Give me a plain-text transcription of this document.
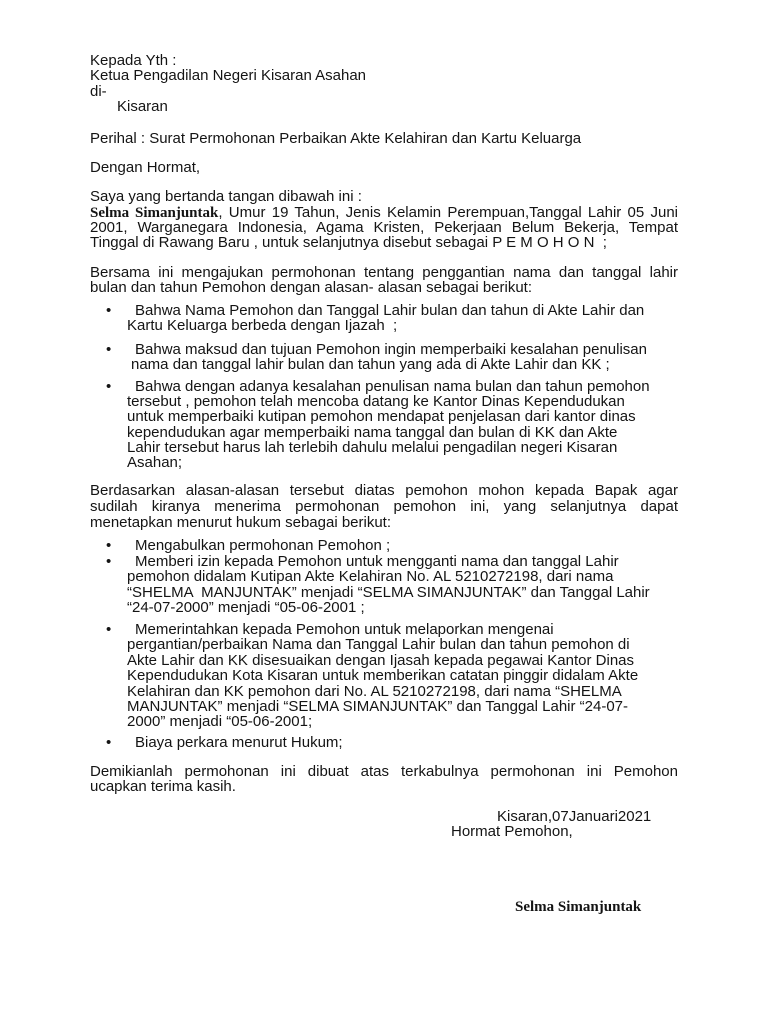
Kepada Yth :
Ketua Pengadilan Negeri Kisaran Asahan
di-
Kisaran
Perihal : Surat Permohonan Perbaikan Akte Kelahiran dan Kartu Keluarga
Dengan Hormat,
Saya yang bertanda tangan dibawah ini :
Selma Simanjuntak, Umur 19 Tahun, Jenis Kelamin Perempuan,Tanggal Lahir 05 Juni
2001, Warganegara Indonesia, Agama Kristen, Pekerjaan Belum Bekerja, Tempat
Tinggal di Rawang Baru , untuk selanjutnya disebut sebagai P E M O H O N  ;
Bersama ini mengajukan permohonan tentang penggantian nama dan tanggal lahir
bulan dan tahun Pemohon dengan alasan- alasan sebagai berikut:
•	Bahwa Nama Pemohon dan Tanggal Lahir bulan dan tahun di Akte Lahir dan
Kartu Keluarga berbeda dengan Ijazah  ;
•	Bahwa maksud dan tujuan Pemohon ingin memperbaiki kesalahan penulisan
nama dan tanggal lahir bulan dan tahun yang ada di Akte Lahir dan KK ;
•	Bahwa dengan adanya kesalahan penulisan nama bulan dan tahun pemohon
tersebut , pemohon telah mencoba datang ke Kantor Dinas Kependudukan
untuk memperbaiki kutipan pemohon mendapat penjelasan dari kantor dinas
kependudukan agar memperbaiki nama tanggal dan bulan di KK dan Akte
Lahir tersebut harus lah terlebih dahulu melalui pengadilan negeri Kisaran
Asahan;
Berdasarkan alasan-alasan tersebut diatas pemohon mohon kepada Bapak agar
sudilah kiranya menerima permohonan pemohon ini, yang selanjutnya dapat
menetapkan menurut hukum sebagai berikut:
•	Mengabulkan permohonan Pemohon ;
•	Memberi izin kepada Pemohon untuk mengganti nama dan tanggal Lahir
pemohon didalam Kutipan Akte Kelahiran No. AL 5210272198, dari nama
“SHELMA  MANJUNTAK” menjadi “SELMA SIMANJUNTAK” dan Tanggal Lahir
“24-07-2000” menjadi “05-06-2001 ;
•	Memerintahkan kepada Pemohon untuk melaporkan mengenai
pergantian/perbaikan Nama dan Tanggal Lahir bulan dan tahun pemohon di
Akte Lahir dan KK disesuaikan dengan Ijasah kepada pegawai Kantor Dinas
Kependudukan Kota Kisaran untuk memberikan catatan pinggir didalam Akte
Kelahiran dan KK pemohon dari No. AL 5210272198, dari nama “SHELMA
MANJUNTAK” menjadi “SELMA SIMANJUNTAK” dan Tanggal Lahir “24-07-
2000” menjadi “05-06-2001;
•	Biaya perkara menurut Hukum;
Demikianlah permohonan ini dibuat atas terkabulnya permohonan ini Pemohon
ucapkan terima kasih.
Kisaran,07Januari2021
Hormat Pemohon,
Selma Simanjuntak
